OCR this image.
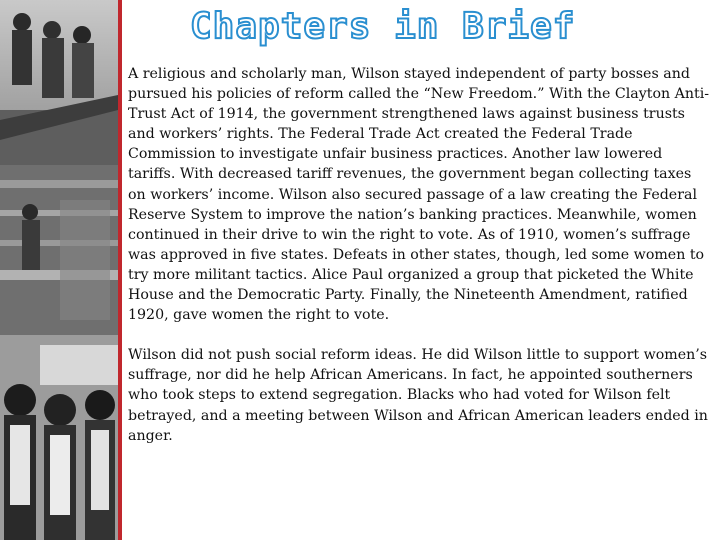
Chapters in Brief

A religious and scholarly man, Wilson stayed independent of party bosses and pursued his policies of reform called the “New Freedom.” With the Clayton Anti-Trust Act of 1914, the government strengthened laws against business trusts and workers’ rights. The Federal Trade Act created the Federal Trade Commission to investigate unfair business practices. Another law lowered tariffs. With decreased tariff revenues, the government began collecting taxes on workers’ income. Wilson also secured passage of a law creating the Federal Reserve System to improve the nation’s banking practices. Meanwhile, women continued in their drive to win the right to vote. As of 1910, women’s suffrage was approved in five states. Defeats in other states, though, led some women to try more militant tactics. Alice Paul organized a group that picketed the White House and the Democratic Party. Finally, the Nineteenth Amendment, ratified 1920, gave women the right to vote.

Wilson did not push social reform ideas. He did Wilson little to support women’s suffrage, nor did he help African Americans. In fact, he appointed southerners who took steps to extend segregation. Blacks who had voted for Wilson felt betrayed, and a meeting between Wilson and African American leaders ended in anger.
